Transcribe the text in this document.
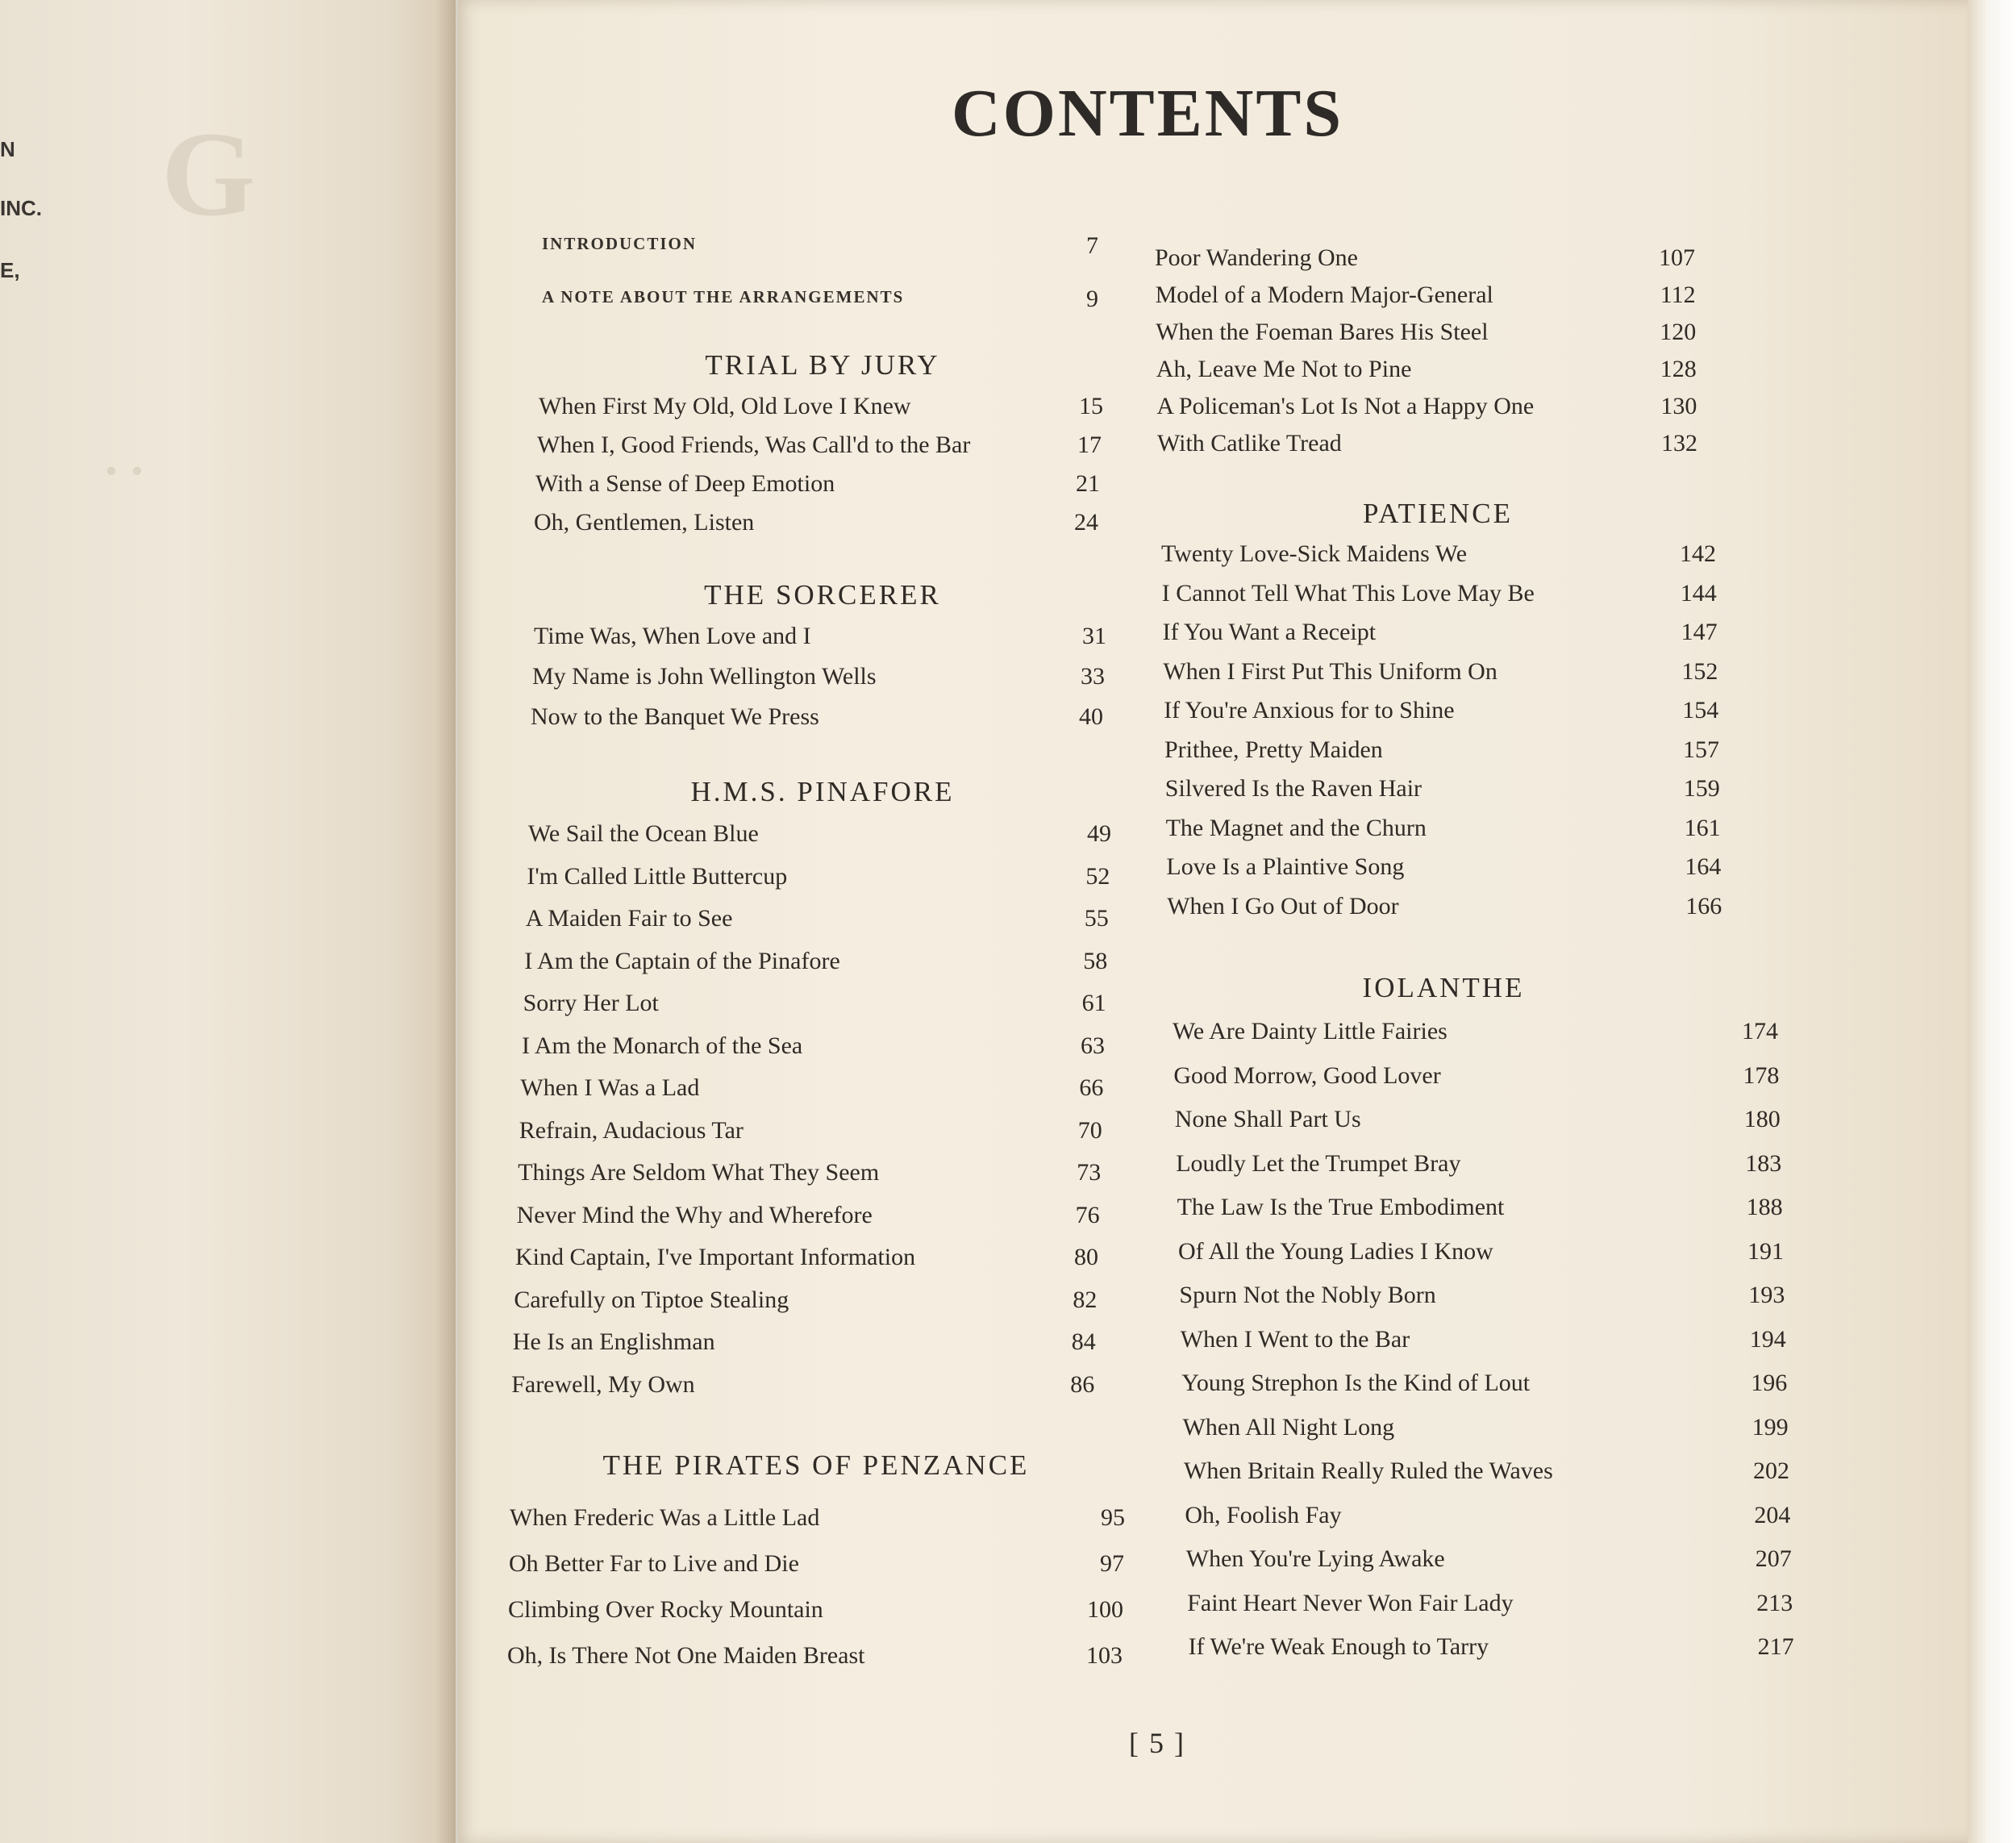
G
. .
N
INC.
E,
CONTENTS
INTRODUCTION	7
A NOTE ABOUT THE ARRANGEMENTS	9
TRIAL BY JURY
When First My Old, Old Love I Knew	15
When I, Good Friends, Was Call'd to the Bar	17
With a Sense of Deep Emotion	21
Oh, Gentlemen, Listen	24
THE SORCERER
Time Was, When Love and I	31
My Name is John Wellington Wells	33
Now to the Banquet We Press	40
H.M.S. PINAFORE
We Sail the Ocean Blue	49
I'm Called Little Buttercup	52
A Maiden Fair to See	55
I Am the Captain of the Pinafore	58
Sorry Her Lot	61
I Am the Monarch of the Sea	63
When I Was a Lad	66
Refrain, Audacious Tar	70
Things Are Seldom What They Seem	73
Never Mind the Why and Wherefore	76
Kind Captain, I've Important Information	80
Carefully on Tiptoe Stealing	82
He Is an Englishman	84
Farewell, My Own	86
THE PIRATES OF PENZANCE
When Frederic Was a Little Lad	95
Oh Better Far to Live and Die	97
Climbing Over Rocky Mountain	100
Oh, Is There Not One Maiden Breast	103
Poor Wandering One	107
Model of a Modern Major-General	112
When the Foeman Bares His Steel	120
Ah, Leave Me Not to Pine	128
A Policeman's Lot Is Not a Happy One	130
With Catlike Tread	132
PATIENCE
Twenty Love-Sick Maidens We	142
I Cannot Tell What This Love May Be	144
If You Want a Receipt	147
When I First Put This Uniform On	152
If You're Anxious for to Shine	154
Prithee, Pretty Maiden	157
Silvered Is the Raven Hair	159
The Magnet and the Churn	161
Love Is a Plaintive Song	164
When I Go Out of Door	166
IOLANTHE
We Are Dainty Little Fairies	174
Good Morrow, Good Lover	178
None Shall Part Us	180
Loudly Let the Trumpet Bray	183
The Law Is the True Embodiment	188
Of All the Young Ladies I Know	191
Spurn Not the Nobly Born	193
When I Went to the Bar	194
Young Strephon Is the Kind of Lout	196
When All Night Long	199
When Britain Really Ruled the Waves	202
Oh, Foolish Fay	204
When You're Lying Awake	207
Faint Heart Never Won Fair Lady	213
If We're Weak Enough to Tarry	217
[ 5 ]
